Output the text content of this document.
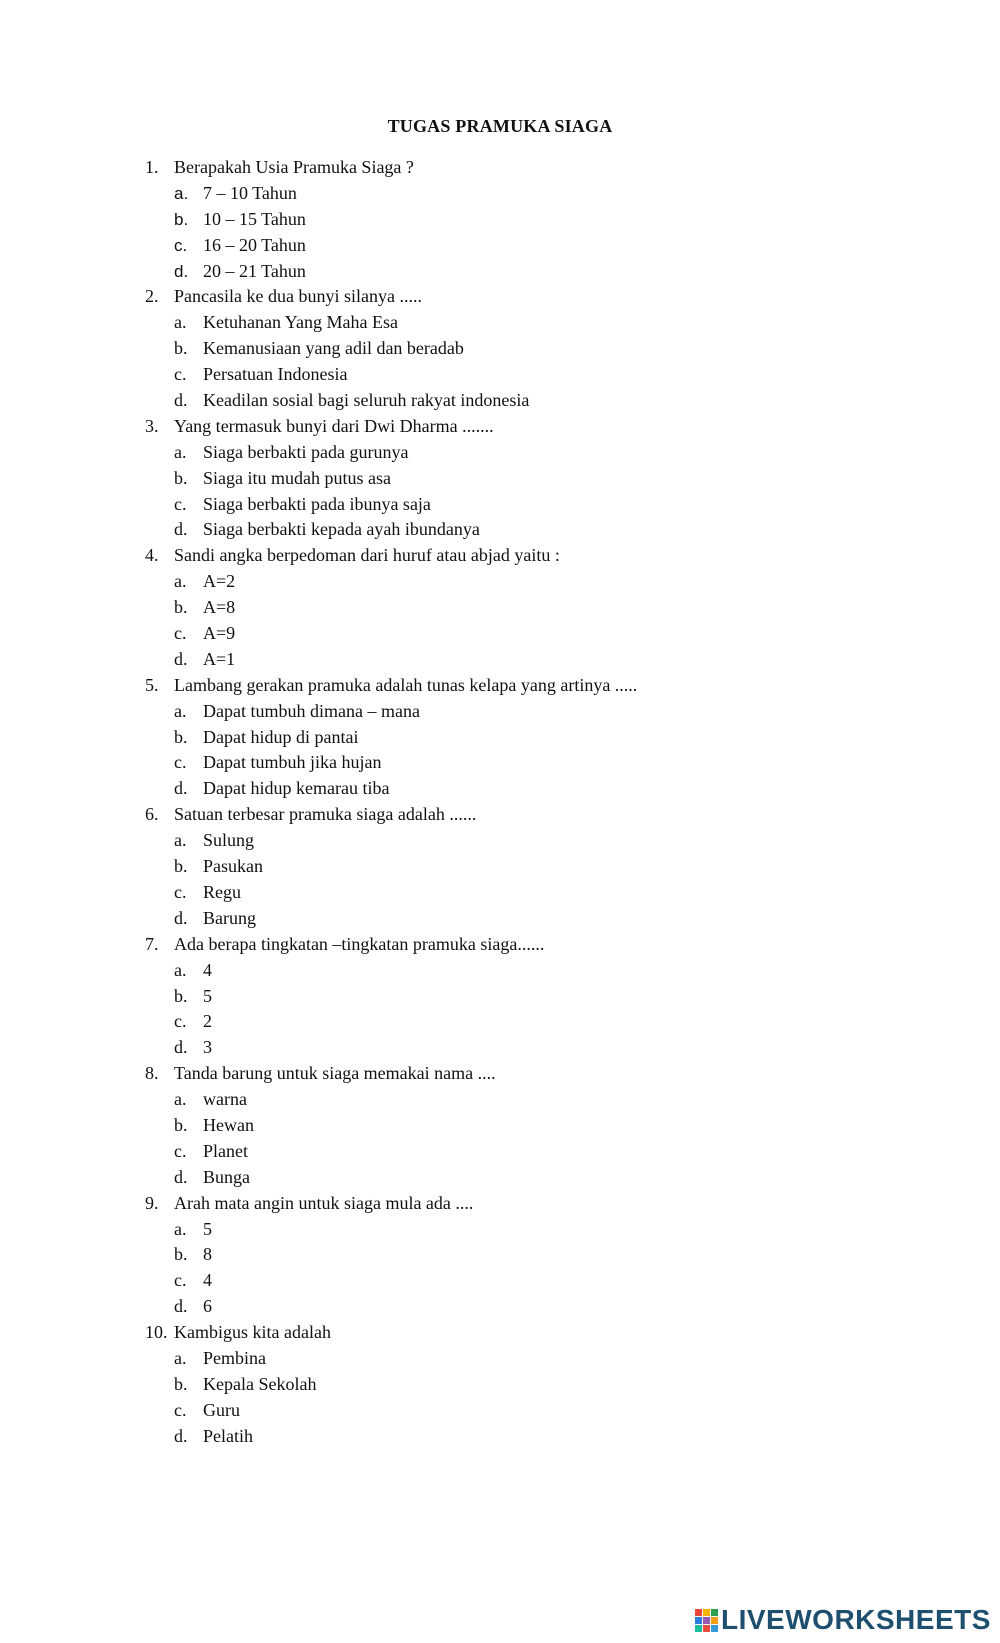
TUGAS PRAMUKA SIAGA
1. Berapakah Usia Pramuka Siaga ?
a. 7 – 10 Tahun
b. 10 – 15 Tahun
c. 16 – 20 Tahun
d. 20 – 21 Tahun
2. Pancasila ke dua bunyi silanya .....
a. Ketuhanan Yang Maha Esa
b. Kemanusiaan yang adil dan beradab
c. Persatuan Indonesia
d. Keadilan sosial bagi seluruh rakyat indonesia
3. Yang termasuk bunyi dari Dwi Dharma .......
a. Siaga berbakti pada gurunya
b. Siaga itu mudah putus asa
c. Siaga berbakti pada ibunya saja
d. Siaga berbakti kepada ayah ibundanya
4. Sandi angka berpedoman dari huruf atau abjad yaitu :
a. A=2
b. A=8
c. A=9
d. A=1
5. Lambang gerakan pramuka adalah tunas kelapa yang artinya .....
a. Dapat tumbuh dimana – mana
b. Dapat hidup di pantai
c. Dapat tumbuh jika hujan
d. Dapat hidup kemarau tiba
6. Satuan terbesar pramuka siaga adalah ......
a. Sulung
b. Pasukan
c. Regu
d. Barung
7. Ada berapa tingkatan –tingkatan pramuka siaga......
a. 4
b. 5
c. 2
d. 3
8. Tanda barung untuk siaga memakai nama ....
a. warna
b. Hewan
c. Planet
d. Bunga
9. Arah mata angin untuk siaga mula ada ....
a. 5
b. 8
c. 4
d. 6
10. Kambigus kita adalah
a. Pembina
b. Kepala Sekolah
c. Guru
d. Pelatih
LIVEWORKSHEETS
